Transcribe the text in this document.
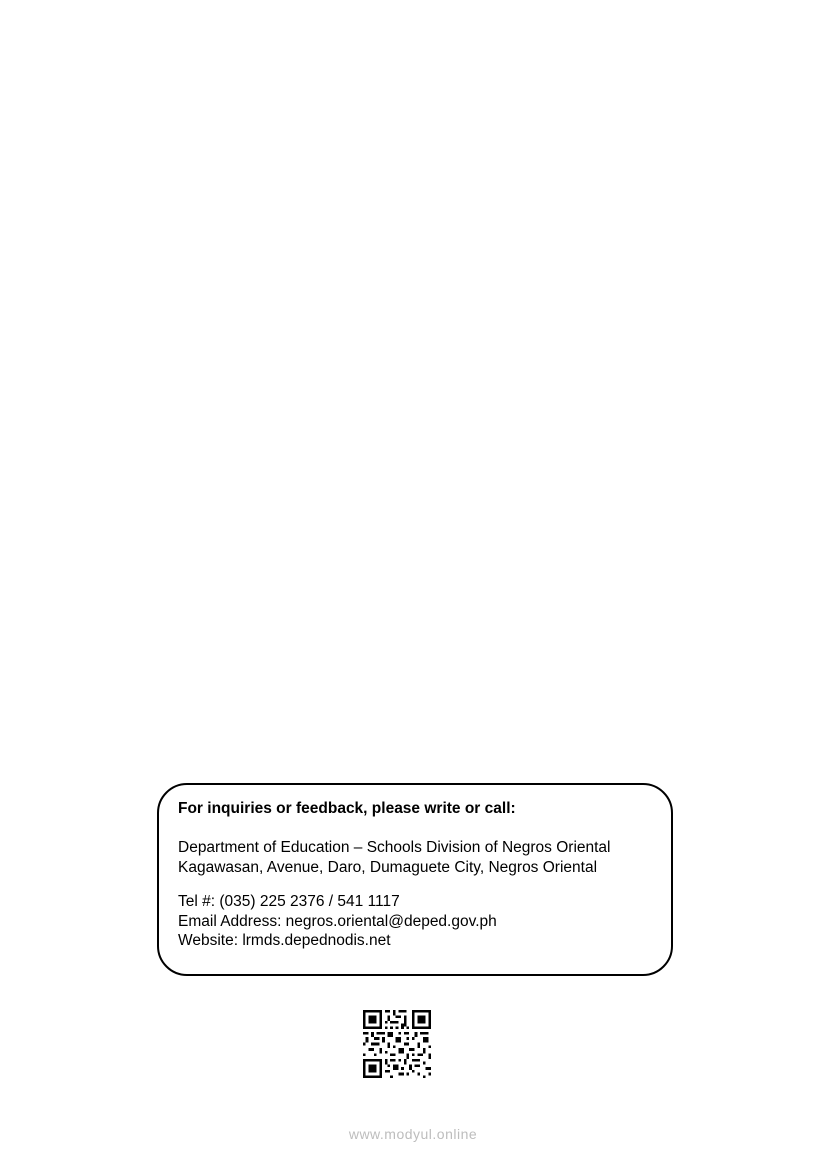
For inquiries or feedback, please write or call:
Department of Education – Schools Division of Negros Oriental
Kagawasan, Avenue, Daro, Dumaguete City, Negros Oriental
Tel #: (035) 225 2376 / 541 1117
Email Address: negros.oriental@deped.gov.ph
Website: lrmds.depednodis.net
www.modyul.online
